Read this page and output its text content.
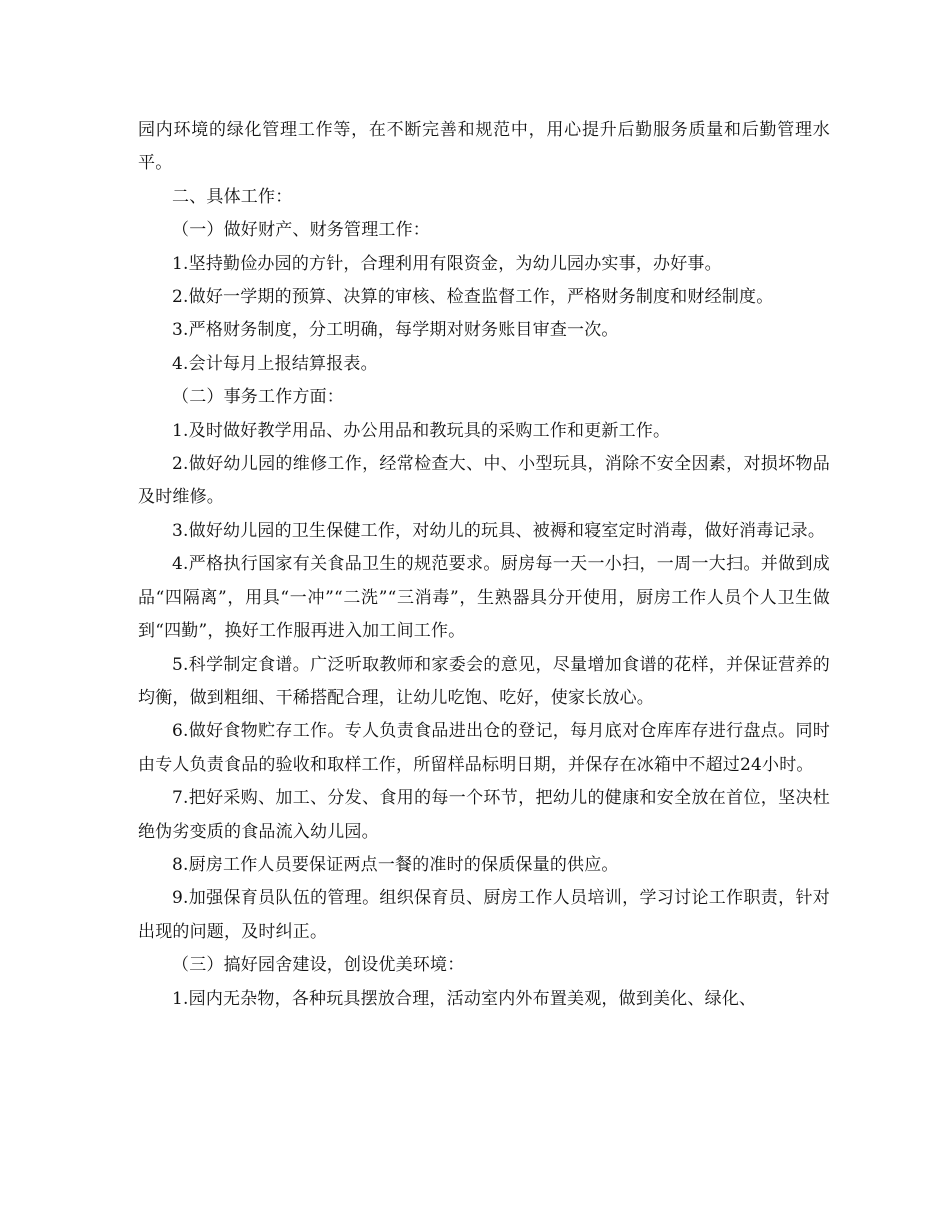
园内环境的绿化管理工作等，在不断完善和规范中，用心提升后勤服务质量和后勤管理水平。

二、具体工作：

（一）做好财产、财务管理工作：

1.坚持勤俭办园的方针，合理利用有限资金，为幼儿园办实事，办好事。

2.做好一学期的预算、决算的审核、检查监督工作，严格财务制度和财经制度。

3.严格财务制度，分工明确，每学期对财务账目审查一次。

4.会计每月上报结算报表。

（二）事务工作方面：

1.及时做好教学用品、办公用品和教玩具的采购工作和更新工作。

2.做好幼儿园的维修工作，经常检查大、中、小型玩具，消除不安全因素，对损坏物品及时维修。

3.做好幼儿园的卫生保健工作，对幼儿的玩具、被褥和寝室定时消毒，做好消毒记录。

4.严格执行国家有关食品卫生的规范要求。厨房每一天一小扫，一周一大扫。并做到成品“四隔离”，用具“一冲”“二洗”“三消毒”，生熟器具分开使用，厨房工作人员个人卫生做到“四勤”，换好工作服再进入加工间工作。

5.科学制定食谱。广泛听取教师和家委会的意见，尽量增加食谱的花样，并保证营养的均衡，做到粗细、干稀搭配合理，让幼儿吃饱、吃好，使家长放心。

6.做好食物贮存工作。专人负责食品进出仓的登记，每月底对仓库库存进行盘点。同时由专人负责食品的验收和取样工作，所留样品标明日期，并保存在冰箱中不超过24小时。

7.把好采购、加工、分发、食用的每一个环节，把幼儿的健康和安全放在首位，坚决杜绝伪劣变质的食品流入幼儿园。

8.厨房工作人员要保证两点一餐的准时的保质保量的供应。

9.加强保育员队伍的管理。组织保育员、厨房工作人员培训，学习讨论工作职责，针对出现的问题，及时纠正。

（三）搞好园舍建设，创设优美环境：

1.园内无杂物，各种玩具摆放合理，活动室内外布置美观，做到美化、绿化、
